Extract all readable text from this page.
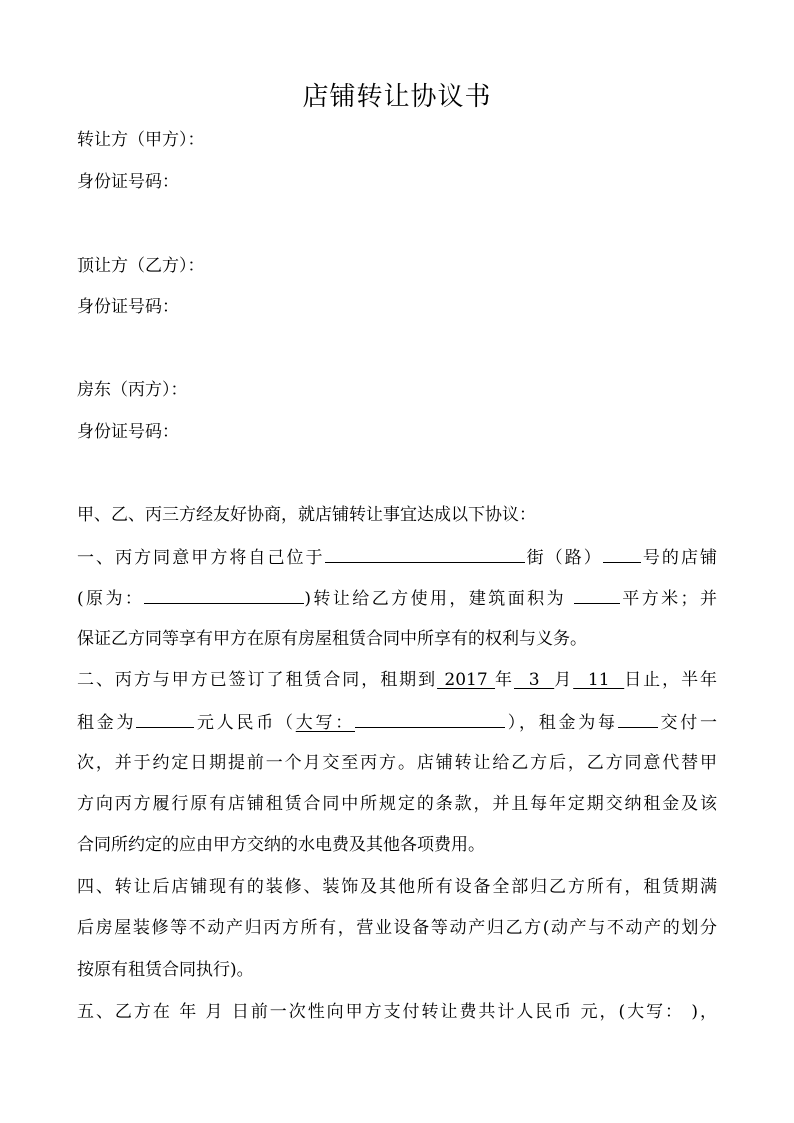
店铺转让协议书
转让方（甲方）：
身份证号码：
顶让方（乙方）：
身份证号码：
房东（丙方）：
身份证号码：
甲、乙、丙三方经友好协商，就店铺转让事宜达成以下协议：
一、丙方同意甲方将自己位于	街（路） 号的店铺
(原为：	)转让给乙方使用，建筑面积为	平方米；并
保证乙方同等享有甲方在原有房屋租赁合同中所享有的权利与义务。
二、丙方与甲方已签订了租赁合同，租期到 2017 年  3  月  11  日止，半年
租金为	元人民币（大写：	），租金为每 交付一
次，并于约定日期提前一个月交至丙方。店铺转让给乙方后，乙方同意代替甲
方向丙方履行原有店铺租赁合同中所规定的条款，并且每年定期交纳租金及该
合同所约定的应由甲方交纳的水电费及其他各项费用。
四、转让后店铺现有的装修、装饰及其他所有设备全部归乙方所有，租赁期满
后房屋装修等不动产归丙方所有，营业设备等动产归乙方(动产与不动产的划分
按原有租赁合同执行)。
五、乙方在 年 月 日前一次性向甲方支付转让费共计人民币 元，(大写： )，
